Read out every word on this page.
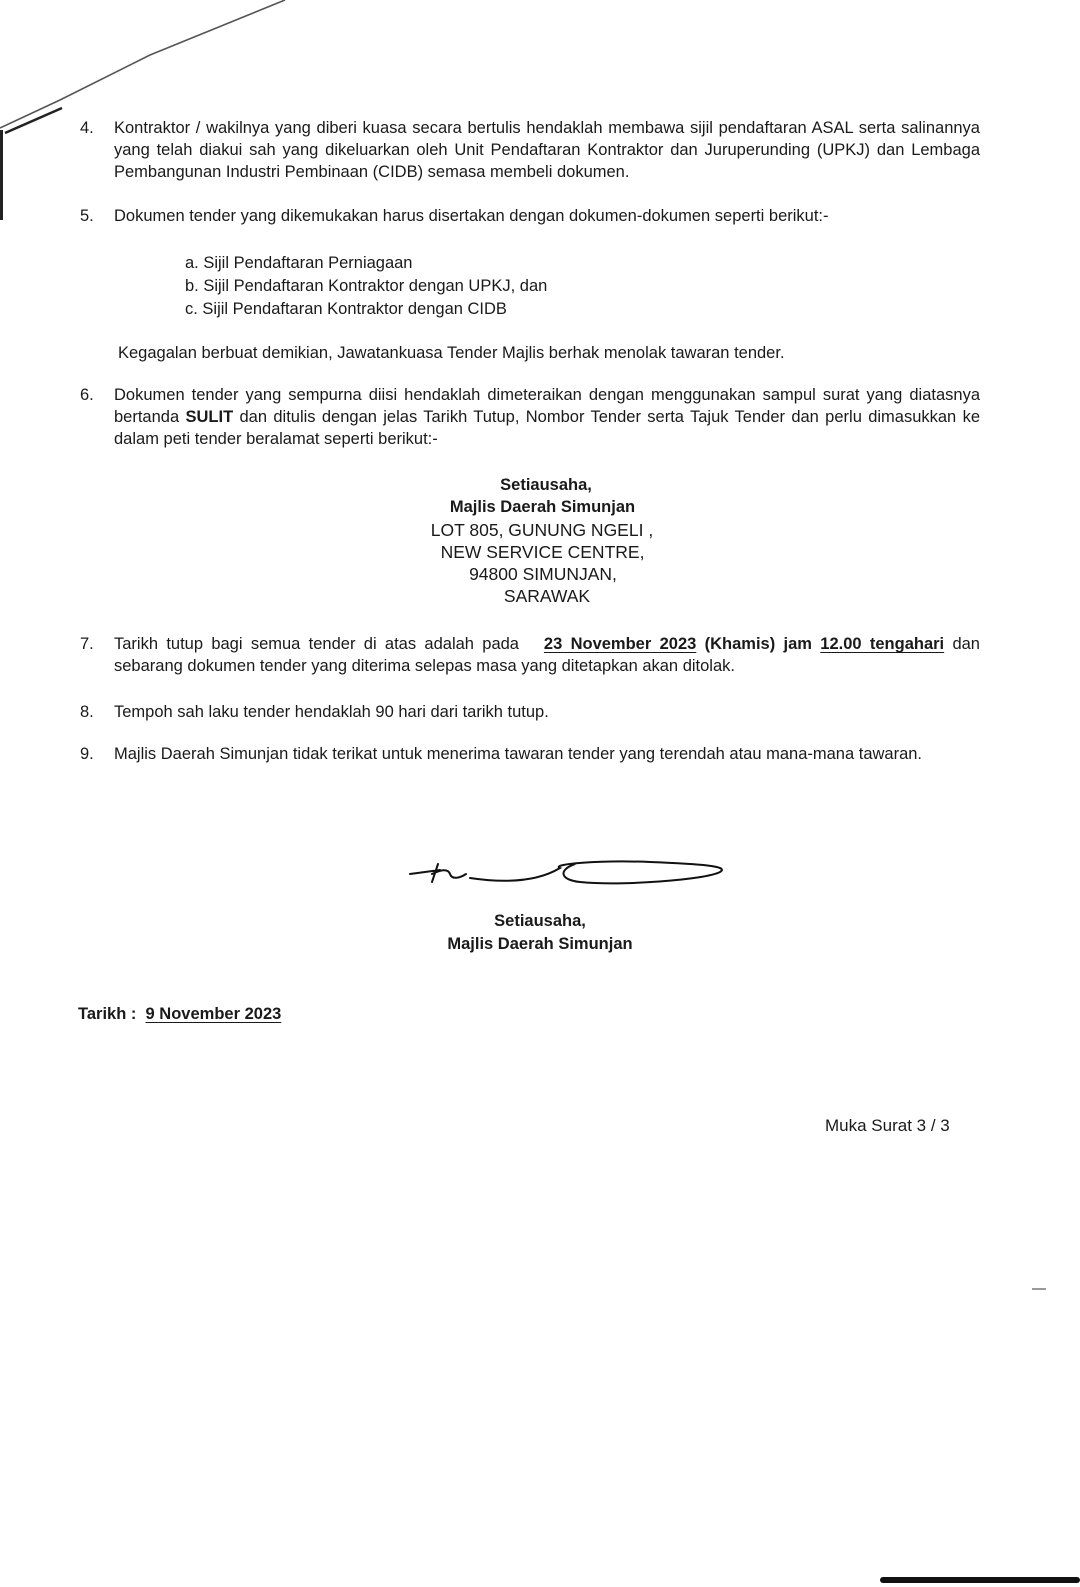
4.	Kontraktor / wakilnya yang diberi kuasa secara bertulis hendaklah membawa sijil pendaftaran ASAL serta salinannya yang telah diakui sah yang dikeluarkan oleh Unit Pendaftaran Kontraktor dan Juruperunding (UPKJ) dan Lembaga Pembangunan Industri Pembinaan (CIDB) semasa membeli dokumen.
5.	Dokumen tender yang dikemukakan harus disertakan dengan dokumen-dokumen seperti berikut:-
a. Sijil Pendaftaran Perniagaan
b. Sijil Pendaftaran Kontraktor dengan UPKJ, dan
c. Sijil Pendaftaran Kontraktor dengan CIDB
Kegagalan berbuat demikian, Jawatankuasa Tender Majlis berhak menolak tawaran tender.
6.	Dokumen tender yang sempurna diisi hendaklah dimeteraikan dengan menggunakan sampul surat yang diatasnya bertanda SULIT dan ditulis dengan jelas Tarikh Tutup, Nombor Tender serta Tajuk Tender dan perlu dimasukkan ke dalam peti tender beralamat seperti berikut:-
Setiausaha,
Majlis Daerah Simunjan
LOT 805, GUNUNG NGELI ,
NEW SERVICE CENTRE,
94800 SIMUNJAN,
SARAWAK
7.	Tarikh tutup bagi semua tender di atas adalah pada 23 November 2023 (Khamis) jam 12.00 tengahari dan sebarang dokumen tender yang diterima selepas masa yang ditetapkan akan ditolak.
8.	Tempoh sah laku tender hendaklah 90 hari dari tarikh tutup.
9.	Majlis Daerah Simunjan tidak terikat untuk menerima tawaran tender yang terendah atau mana-mana tawaran.
Setiausaha,
Majlis Daerah Simunjan
Tarikh : 9 November 2023
Muka Surat 3 / 3
